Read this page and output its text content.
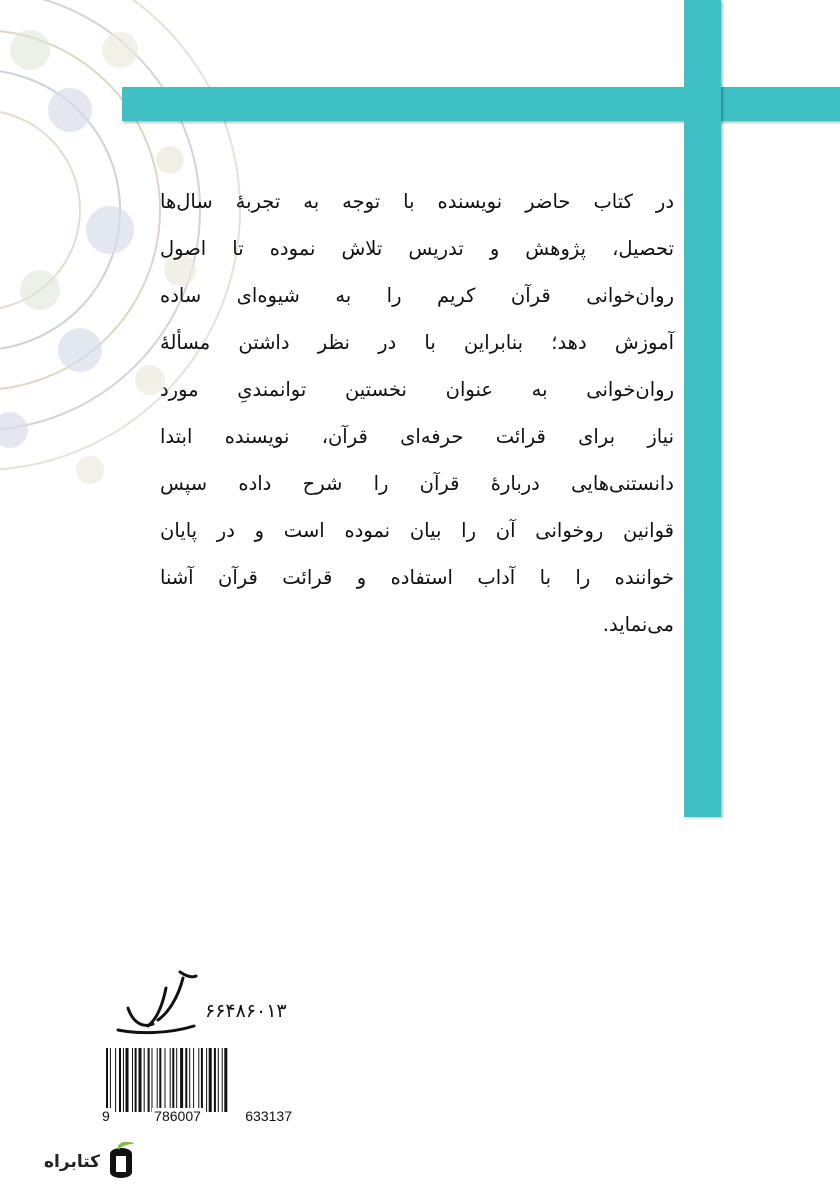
در کتاب حاضر نویسنده با توجه به تجربهٔ سال‌ها
تحصیل، پژوهش و تدریس تلاش نموده تا اصول
روان‌خوانی قرآن کریم را به شیوه‌ای ساده
آموزش دهد؛ بنابراین با در نظر داشتن مسألهٔ
روان‌خوانی به عنوان نخستین توانمندیِ مورد
نیاز برای قرائت حرفه‌ای قرآن، نویسنده ابتدا
دانستنی‌هایی دربارهٔ قرآن را شرح داده سپس
قوانین روخوانی آن را بیان نموده است و در پایان
خواننده را با آداب استفاده و قرائت قرآن آشنا
می‌نماید.

۶۶۴۸۶۰۱۳
9	786007	633137
کتابراه
